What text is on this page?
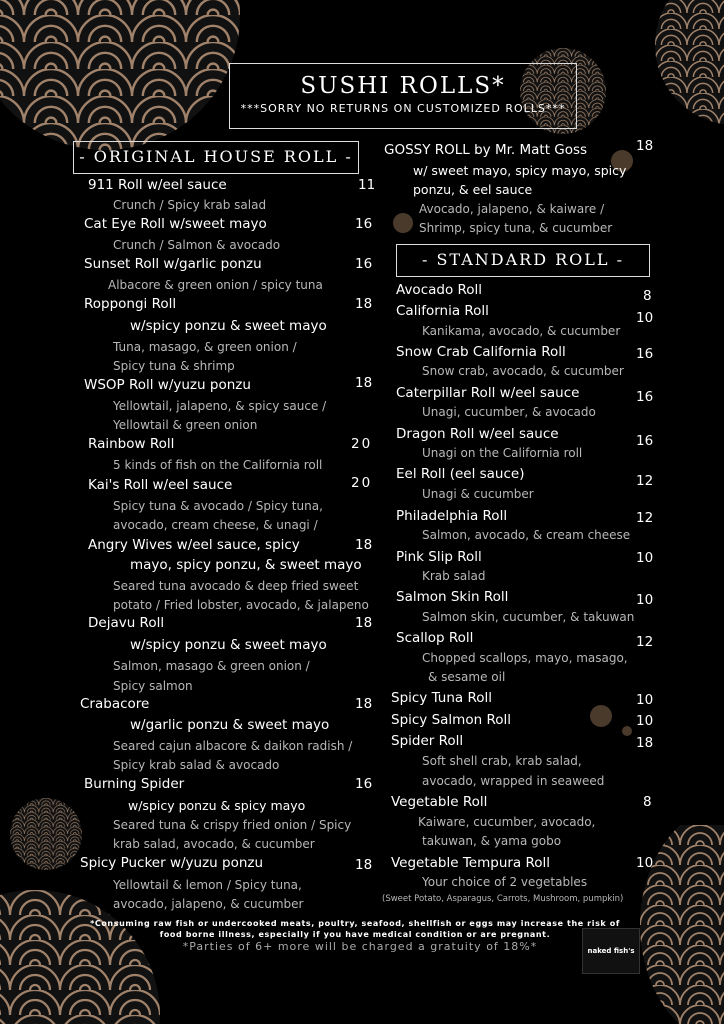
SUSHI ROLLS*
***SORRY NO RETURNS ON CUSTOMIZED ROLLS***
- ORIGINAL HOUSE ROLL -
- STANDARD ROLL -
911 Roll w/eel sauce	11
Crunch / Spicy krab salad
Cat Eye Roll w/sweet mayo	16
Crunch / Salmon & avocado
Sunset Roll w/garlic ponzu	16
Albacore & green onion / spicy tuna
Roppongi Roll	18
w/spicy ponzu & sweet mayo
Tuna, masago, & green onion /
Spicy tuna & shrimp
WSOP Roll w/yuzu ponzu	18
Yellowtail, jalapeno, & spicy sauce /
Yellowtail & green onion
Rainbow Roll	20
5 kinds of fish on the California roll
Kai's Roll w/eel sauce	20
Spicy tuna & avocado / Spicy tuna,
avocado, cream cheese, & unagi /
Angry Wives w/eel sauce, spicy	18
mayo, spicy ponzu, & sweet mayo
Seared tuna avocado & deep fried sweet
potato / Fried lobster, avocado, & jalapeno
Dejavu Roll	18
w/spicy ponzu & sweet mayo
Salmon, masago & green onion /
Spicy salmon
Crabacore	18
w/garlic ponzu & sweet mayo
Seared cajun albacore & daikon radish /
Spicy krab salad & avocado
Burning Spider	16
w/spicy ponzu & spicy mayo
Seared tuna & crispy fried onion / Spicy
krab salad, avocado, & cucumber
Spicy Pucker w/yuzu ponzu	18
Yellowtail & lemon / Spicy tuna,
avocado, jalapeno, & cucumber
GOSSY ROLL by Mr. Matt Goss	18
w/ sweet mayo, spicy mayo, spicy
ponzu, & eel sauce
Avocado, jalapeno, & kaiware /
Shrimp, spicy tuna, & cucumber
Avocado Roll	8
California Roll	10
Kanikama, avocado, & cucumber
Snow Crab California Roll	16
Snow crab, avocado, & cucumber
Caterpillar Roll w/eel sauce	16
Unagi, cucumber, & avocado
Dragon Roll w/eel sauce	16
Unagi on the California roll
Eel Roll (eel sauce)	12
Unagi & cucumber
Philadelphia Roll	12
Salmon, avocado, & cream cheese
Pink Slip Roll	10
Krab salad
Salmon Skin Roll	10
Salmon skin, cucumber, & takuwan
Scallop Roll	12
Chopped scallops, mayo, masago,
& sesame oil
Spicy Tuna Roll	10
Spicy Salmon Roll	10
Spider Roll	18
Soft shell crab, krab salad,
avocado, wrapped in seaweed
Vegetable Roll	8
Kaiware, cucumber, avocado,
takuwan, & yama gobo
Vegetable Tempura Roll	10
Your choice of 2 vegetables
(Sweet Potato, Asparagus, Carrots, Mushroom, pumpkin)
*Consuming raw fish or undercooked meats, poultry, seafood, shellfish or eggs may increase the risk of
food borne illness, especially if you have medical condition or are pregnant.
*Parties of 6+ more will be charged a gratuity of 18%*	naked fish's
